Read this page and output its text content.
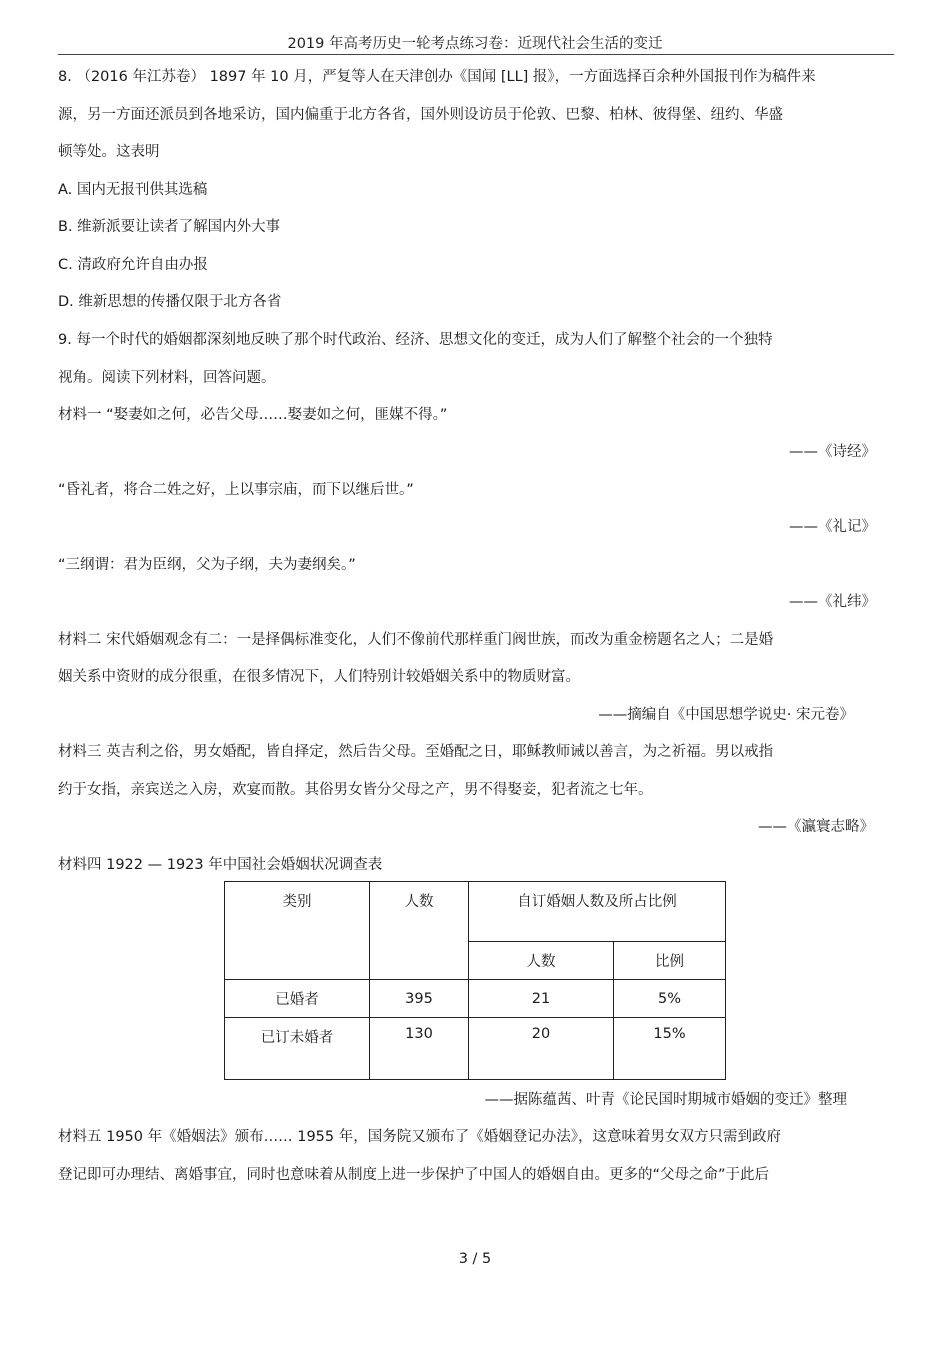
2019 年高考历史一轮考点练习卷：近现代社会生活的变迁
8. （2016 年江苏卷） 1897 年 10 月，严复等人在天津创办《国闻 [LL] 报》，一方面选择百余种外国报刊作为稿件来
源，另一方面还派员到各地采访，国内偏重于北方各省，国外则设访员于伦敦、巴黎、柏林、彼得堡、纽约、华盛
顿等处。这表明
A. 国内无报刊供其选稿
B. 维新派要让读者了解国内外大事
C. 清政府允许自由办报
D. 维新思想的传播仅限于北方各省
9. 每一个时代的婚姻都深刻地反映了那个时代政治、经济、思想文化的变迁，成为人们了解整个社会的一个独特
视角。阅读下列材料，回答问题。
材料一 “娶妻如之何，必告父母……娶妻如之何，匪媒不得。”
——《诗经》
“昏礼者，将合二姓之好，上以事宗庙，而下以继后世。”
——《礼记》
“三纲谓：君为臣纲，父为子纲，夫为妻纲矣。”
——《礼纬》
材料二 宋代婚姻观念有二：一是择偶标准变化，人们不像前代那样重门阀世族，而改为重金榜题名之人；二是婚
姻关系中资财的成分很重，在很多情况下，人们特别计较婚姻关系中的物质财富。
——摘编自《中国思想学说史· 宋元卷》
材料三 英吉利之俗，男女婚配，皆自择定，然后告父母。至婚配之日，耶稣教师诫以善言，为之祈福。男以戒指
约于女指，亲宾送之入房，欢宴而散。其俗男女皆分父母之产，男不得娶妾，犯者流之七年。
——《瀛寰志略》
材料四 1922 — 1923 年中国社会婚姻状况调查表
类别	人数	自订婚姻人数及所占比例	
		人数	比例
已婚者	395	21	5%
已订未婚者	130	20	15%
——据陈蕴茜、叶青《论民国时期城市婚姻的变迁》整理
材料五 1950 年《婚姻法》颁布…… 1955 年，国务院又颁布了《婚姻登记办法》，这意味着男女双方只需到政府
登记即可办理结、离婚事宜，同时也意味着从制度上进一步保护了中国人的婚姻自由。更多的“父母之命”于此后
3 / 5
